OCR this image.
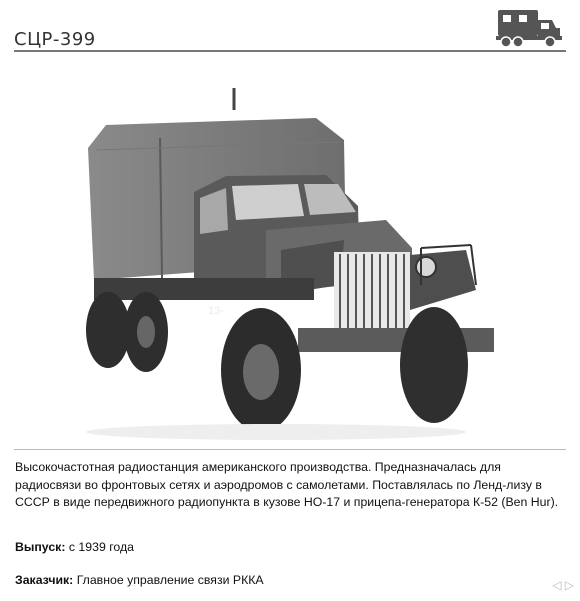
СЦР-399
13-
Высокочастотная радиостанция американского производства. Предназначалась для радиосвязи во фронтовых сетях и аэродромов с самолетами. Поставлялась по Ленд-лизу в СССР в виде передвижного радиопункта в кузове НО-17 и прицепа-генератора К-52 (Ben Hur).
Выпуск: с 1939 года
Заказчик: Главное управление связи РККА	◁ ▷
